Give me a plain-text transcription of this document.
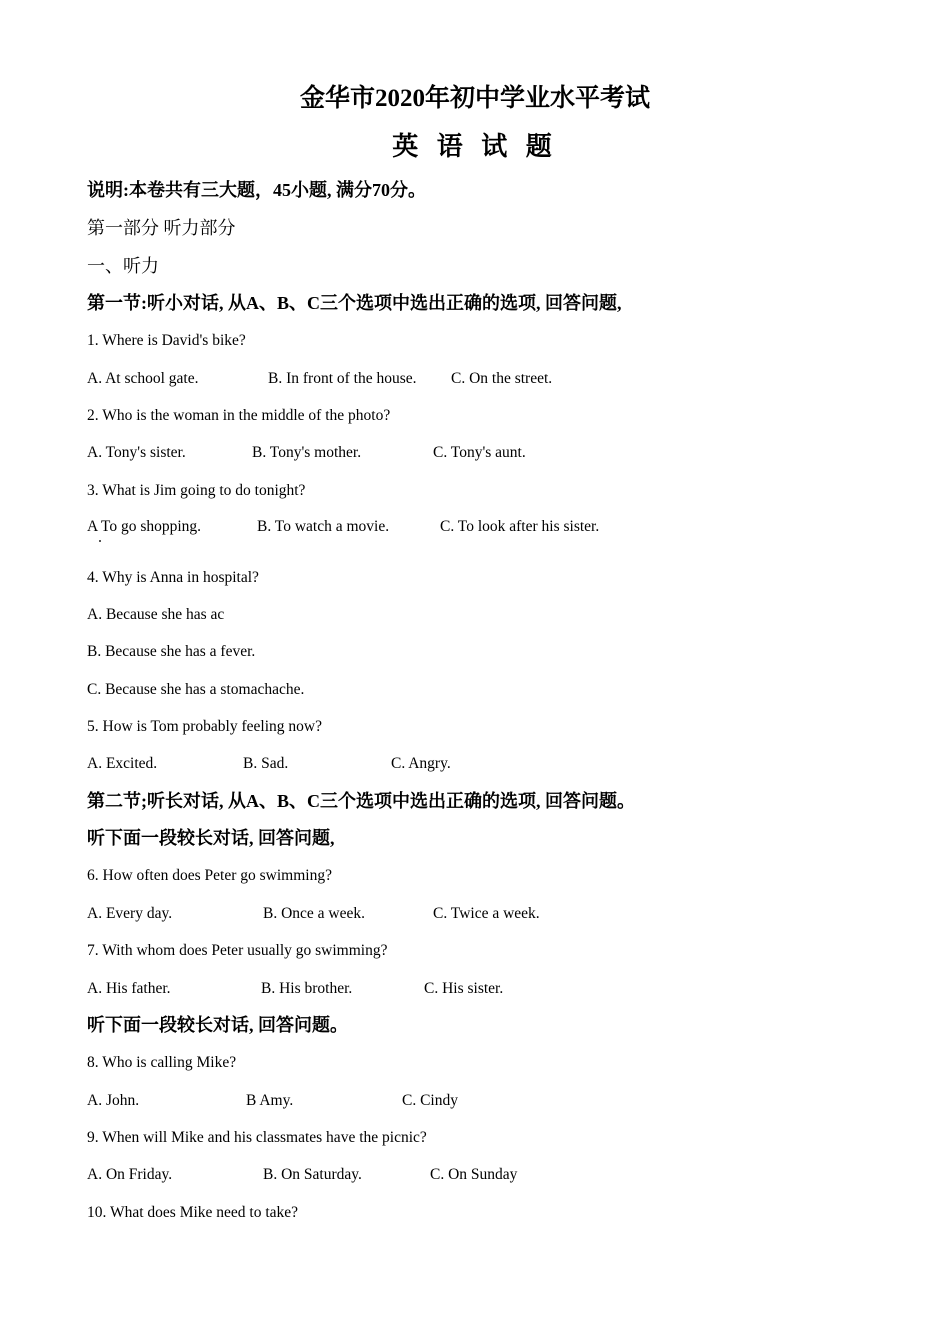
金华市2020年初中学业水平考试
英 语 试 题
说明:本卷共有三大题，45小题, 满分70分。
第一部分 听力部分
一、听力
第一节:听小对话, 从A、B、C三个选项中选出正确的选项, 回答问题,
1. Where is David's bike?
A. At school gate.	B. In front of the house. C. On the street.
2. Who is the woman in the middle of the photo?
A. Tony's sister.	B. Tony's mother.	C. Tony's aunt.
3. What is Jim going to do tonight?
A To go shopping.	B. To watch a movie.	C. To look after his sister.
4. Why is Anna in hospital?
A. Because she has ac
B. Because she has a fever.
C. Because she has a stomachache.
5. How is Tom probably feeling now?
A. Excited.	B. Sad.	C. Angry.
第二节;听长对话, 从A、B、C三个选项中选出正确的选项, 回答问题。
听下面一段较长对话, 回答问题,
6. How often does Peter go swimming?
A. Every day.	B. Once a week.	C. Twice a week.
7. With whom does Peter usually go swimming?
A. His father.	B. His brother.	C. His sister.
听下面一段较长对话, 回答问题。
8. Who is calling Mike?
A. John.	B Amy.	C. Cindy
9. When will Mike and his classmates have the picnic?
A. On Friday.	B. On Saturday.	C. On Sunday
10. What does Mike need to take?
